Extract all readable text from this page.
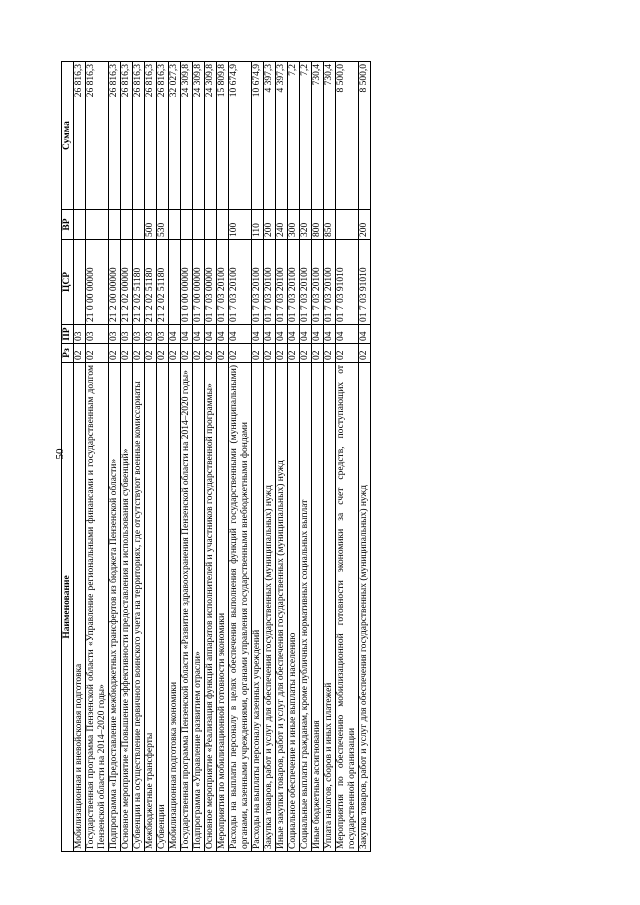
50
Наименование	Рз	ПР	ЦСР	ВР	Сумма
Мобилизационная и вневойсковая подготовка	02	03			26 816,3
Государственная программа Пензенской области «Управление региональными финансами и государственным долгом Пензенской области на 2014–2020 годы»	02	03	21 0 00 00000		26 816,3
Подпрограмма «Предоставление межбюджетных трансфертов из бюджета Пензенской области»	02	03	21 2 00 00000		26 816,3
Основное мероприятие «Повышение эффективности предоставления и использования субвенций»	02	03	21 2 02 00000		26 816,3
Субвенции на осуществление первичного воинского учета на территориях, где отсутствуют военные комиссариаты	02	03	21 2 02 51180		26 816,3
Межбюджетные трансферты	02	03	21 2 02 51180	500	26 816,3
Субвенции	02	03	21 2 02 51180	530	26 816,3
Мобилизационная подготовка экономики	02	04			32 027,3
Государственная программа Пензенской области «Развитие здравоохранения Пензенской области на 2014–2020 годы»	02	04	01 0 00 00000		24 309,8
Подпрограмма «Управление развитием отрасли»	02	04	01 7 00 00000		24 309,8
Основное мероприятие «Реализация функций аппаратов исполнителей и участников государственной программы»	02	04	01 7 03 00000		24 309,8
Мероприятия по мобилизационной готовности экономики	02	04	01 7 03 20100		15 809,8
Расходы на выплаты персоналу в целях обеспечения выполнения функций государственными (муниципальными) органами, казенными учреждениями, органами управления государственными внебюджетными фондами	02	04	01 7 03 20100	100	10 674,9
Расходы на выплаты персоналу казенных учреждений	02	04	01 7 03 20100	110	10 674,9
Закупка товаров, работ и услуг для обеспечения государственных (муниципальных) нужд	02	04	01 7 03 20100	200	4 397,3
Иные закупки товаров, работ и услуг для обеспечения государственных (муниципальных) нужд	02	04	01 7 03 20100	240	4 397,3
Социальное обеспечение и иные выплаты населению	02	04	01 7 03 20100	300	7,2
Социальные выплаты гражданам, кроме публичных нормативных социальных выплат	02	04	01 7 03 20100	320	7,2
Иные бюджетные ассигнования	02	04	01 7 03 20100	800	730,4
Уплата налогов, сборов и иных платежей	02	04	01 7 03 20100	850	730,4
Мероприятия по обеспечению мобилизационной готовности экономики за счет средств, поступающих от государственной организации	02	04	01 7 03 91010		8 500,0
Закупка товаров, работ и услуг для обеспечения государственных (муниципальных) нужд	02	04	01 7 03 91010	200	8 500,0
